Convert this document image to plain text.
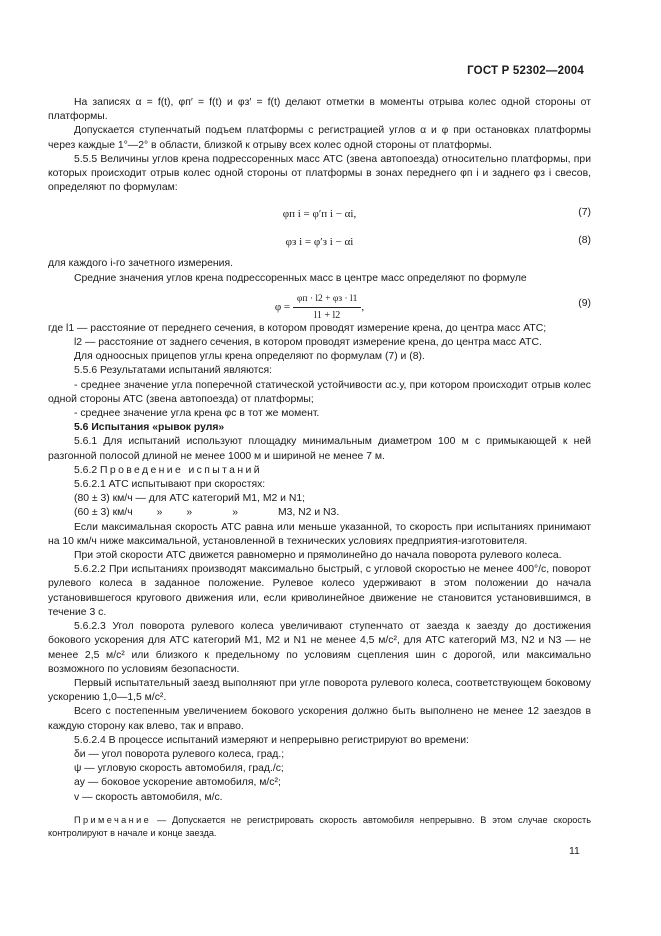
ГОСТ Р 52302—2004

На записях α = f(t), φп′ = f(t) и φз′ = f(t) делают отметки в моменты отрыва колес одной стороны от платформы.

Допускается ступенчатый подъем платформы с регистрацией углов α и φ при остановках платформы через каждые 1°—2° в области, близкой к отрыву всех колес одной стороны от платформы.

5.5.5 Величины углов крена подрессоренных масс АТС (звена автопоезда) относительно платформы, при которых происходит отрыв колес одной стороны от платформы в зонах переднего φп i и заднего φз i свесов, определяют по формулам:

φп i = φ′п i − αi,	(7)
φз i = φ′з i − αi	(8)

для каждого i-го зачетного измерения.

Средние значения углов крена подрессоренных масс в центре масс определяют по формуле

$\varphi = \frac{\varphi п \cdot l2 + \varphi з \cdot l1}{l1 + l2}$ ,	(9)

где l1 — расстояние от переднего сечения, в котором проводят измерение крена, до центра масс АТС;

l2 — расстояние от заднего сечения, в котором проводят измерение крена, до центра масс АТС.

Для одноосных прицепов углы крена определяют по формулам (7) и (8).

5.5.6 Результатами испытаний являются:

- среднее значение угла поперечной статической устойчивости αс.у, при котором происходит отрыв колес одной стороны АТС (звена автопоезда) от платформы;

- среднее значение угла крена φс в тот же момент.

5.6 Испытания «рывок руля»

5.6.1 Для испытаний используют площадку минимальным диаметром 100 м с примыкающей к ней разгонной полосой длиной не менее 1000 м и шириной не менее 7 м.

5.6.2 Проведение испытаний

5.6.2.1 АТС испытывают при скоростях:

(80 ± 3) км/ч — для АТС категорий M1, M2 и N1;

(60 ± 3) км/ч » »	»	M3, N2 и N3.

Если максимальная скорость АТС равна или меньше указанной, то скорость при испытаниях принимают на 10 км/ч ниже максимальной, установленной в технических условиях предприятия-изготовителя.

При этой скорости АТС движется равномерно и прямолинейно до начала поворота рулевого колеса.

5.6.2.2 При испытаниях производят максимально быстрый, с угловой скоростью не менее 400°/с, поворот рулевого колеса в заданное положение. Рулевое колесо удерживают в этом положении до начала установившегося кругового движения или, если криволинейное движение не становится установившимся, в течение 3 с.

5.6.2.3 Угол поворота рулевого колеса увеличивают ступенчато от заезда к заезду до достижения бокового ускорения для АТС категорий M1, M2 и N1 не менее 4,5 м/с², для АТС категорий M3, N2 и N3 — не менее 2,5 м/с² или близкого к предельному по условиям сцепления шин с дорогой, или максимально возможного по условиям безопасности.

Первый испытательный заезд выполняют при угле поворота рулевого колеса, соответствующем боковому ускорению 1,0—1,5 м/с².

Всего с постепенным увеличением бокового ускорения должно быть выполнено не менее 12 заездов в каждую сторону как влево, так и вправо.

5.6.2.4 В процессе испытаний измеряют и непрерывно регистрируют во времени:

δи — угол поворота рулевого колеса, град.;

ψ — угловую скорость автомобиля, град./с;

ay — боковое ускорение автомобиля, м/с²;

v — скорость автомобиля, м/с.

Примечание — Допускается не регистрировать скорость автомобиля непрерывно. В этом случае скорость контролируют в начале и конце заезда.

11
